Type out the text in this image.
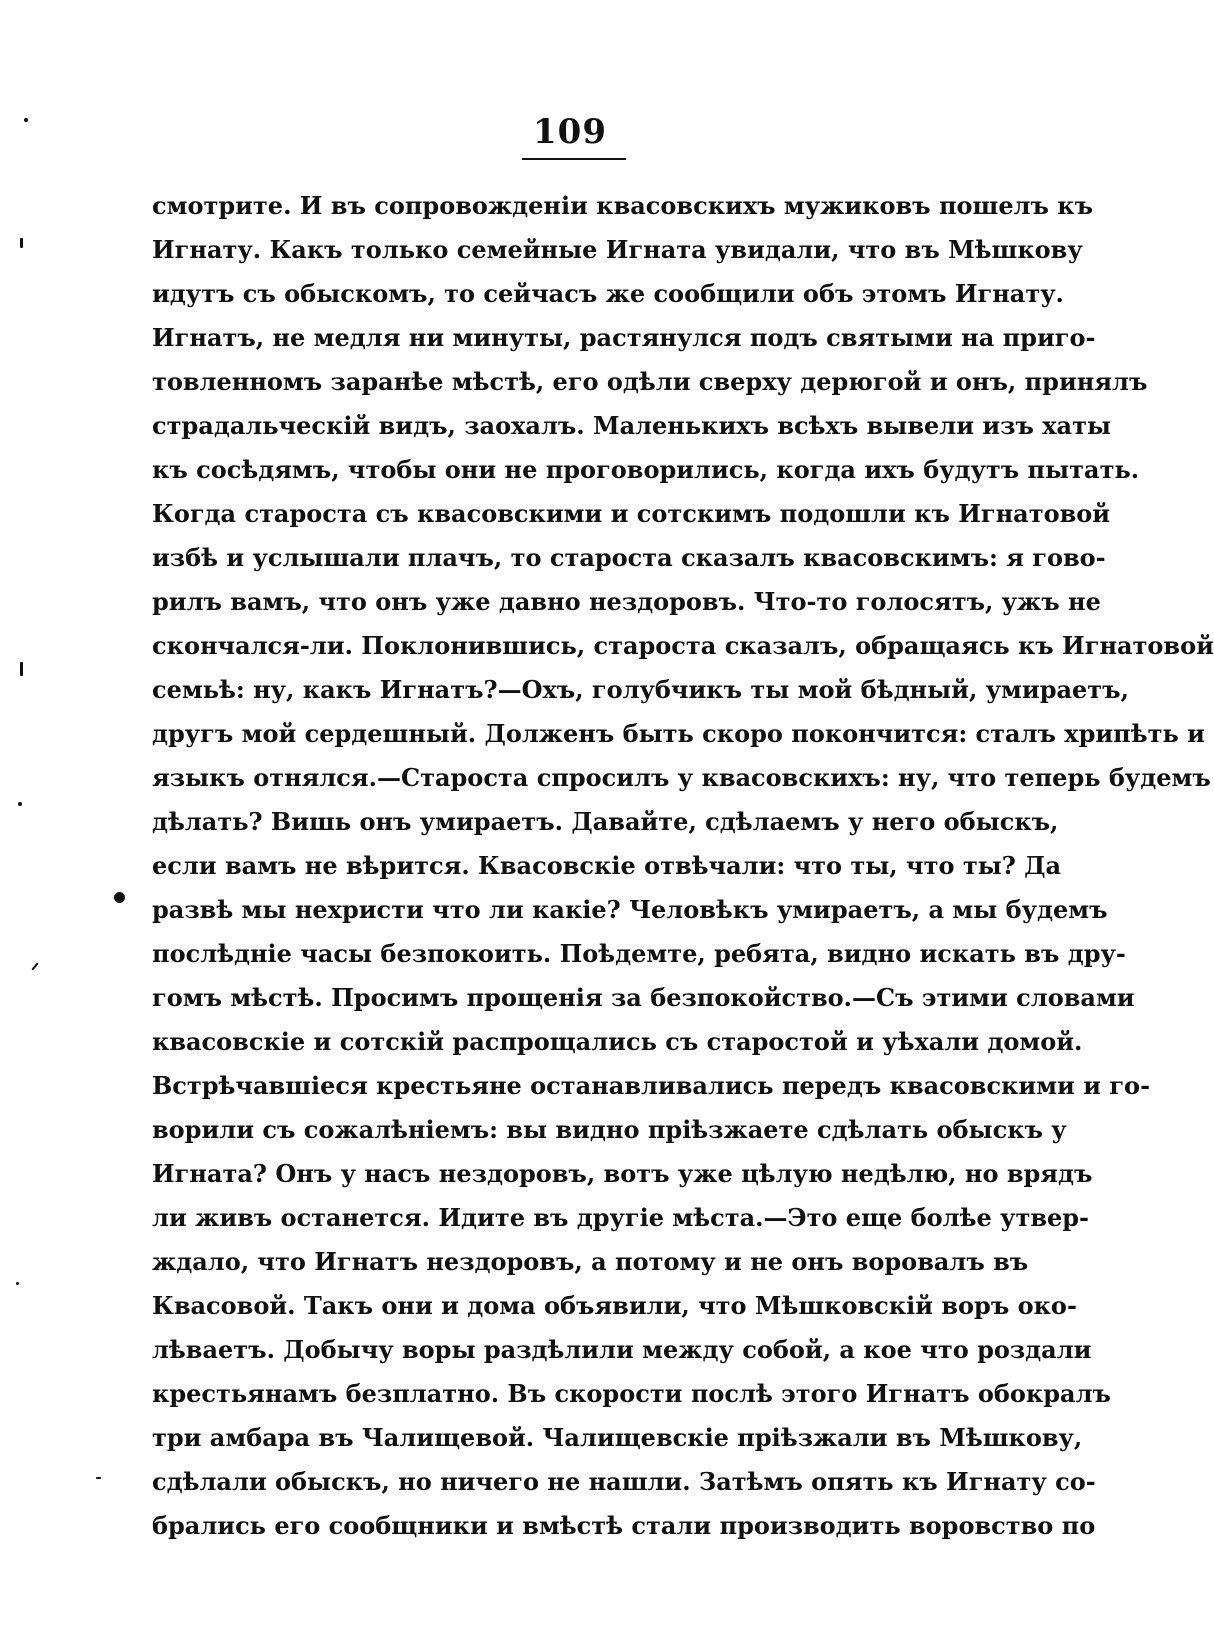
109
смотрите. И въ сопровожденіи квасовскихъ мужиковъ пошелъ къ
Игнату. Какъ только семейные Игната увидали, что въ Мѣшкову
идутъ съ обыскомъ, то сейчасъ же сообщили объ этомъ Игнату.
Игнатъ, не медля ни минуты, растянулся подъ святыми на приго-
товленномъ заранѣе мѣстѣ, его одѣли сверху дерюгой и онъ, принялъ
страдальческій видъ, заохалъ. Маленькихъ всѣхъ вывели изъ хаты
къ сосѣдямъ, чтобы они не проговорились, когда ихъ будутъ пытать.
Когда староста съ квасовскими и сотскимъ подошли къ Игнатовой
избѣ и услышали плачъ, то староста сказалъ квасовскимъ: я гово-
рилъ вамъ, что онъ уже давно нездоровъ. Что-то голосятъ, ужъ не
скончался-ли. Поклонившись, староста сказалъ, обращаясь къ Игнатовой
семьѣ: ну, какъ Игнатъ?—Охъ, голубчикъ ты мой бѣдный, умираетъ,
другъ мой сердешный. Долженъ быть скоро покончится: сталъ хрипѣть и
языкъ отнялся.—Староста спросилъ у квасовскихъ: ну, что теперь будемъ
дѣлать? Вишь онъ умираетъ. Давайте, сдѣлаемъ у него обыскъ,
если вамъ не вѣрится. Квасовскіе отвѣчали: что ты, что ты? Да
развѣ мы нехристи что ли какіе? Человѣкъ умираетъ, а мы будемъ
послѣдніе часы безпокоить. Поѣдемте, ребята, видно искать въ дру-
гомъ мѣстѣ. Просимъ прощенія за безпокойство.—Съ этими словами
квасовскіе и сотскій распрощались съ старостой и уѣхали домой.
Встрѣчавшіеся крестьяне останавливались передъ квасовскими и го-
ворили съ сожалѣніемъ: вы видно пріѣзжаете сдѣлать обыскъ у
Игната? Онъ у насъ нездоровъ, вотъ уже цѣлую недѣлю, но врядъ
ли живъ останется. Идите въ другіе мѣста.—Это еще болѣе утвер-
ждало, что Игнатъ нездоровъ, а потому и не онъ воровалъ въ
Квасовой. Такъ они и дома объявили, что Мѣшковскій воръ око-
лѣваетъ. Добычу воры раздѣлили между собой, а кое что роздали
крестьянамъ безплатно. Въ скорости послѣ этого Игнатъ обокралъ
три амбара въ Чалищевой. Чалищевскіе пріѣзжали въ Мѣшкову,
сдѣлали обыскъ, но ничего не нашли. Затѣмъ опять къ Игнату со-
брались его сообщники и вмѣстѣ стали производить воровство по
